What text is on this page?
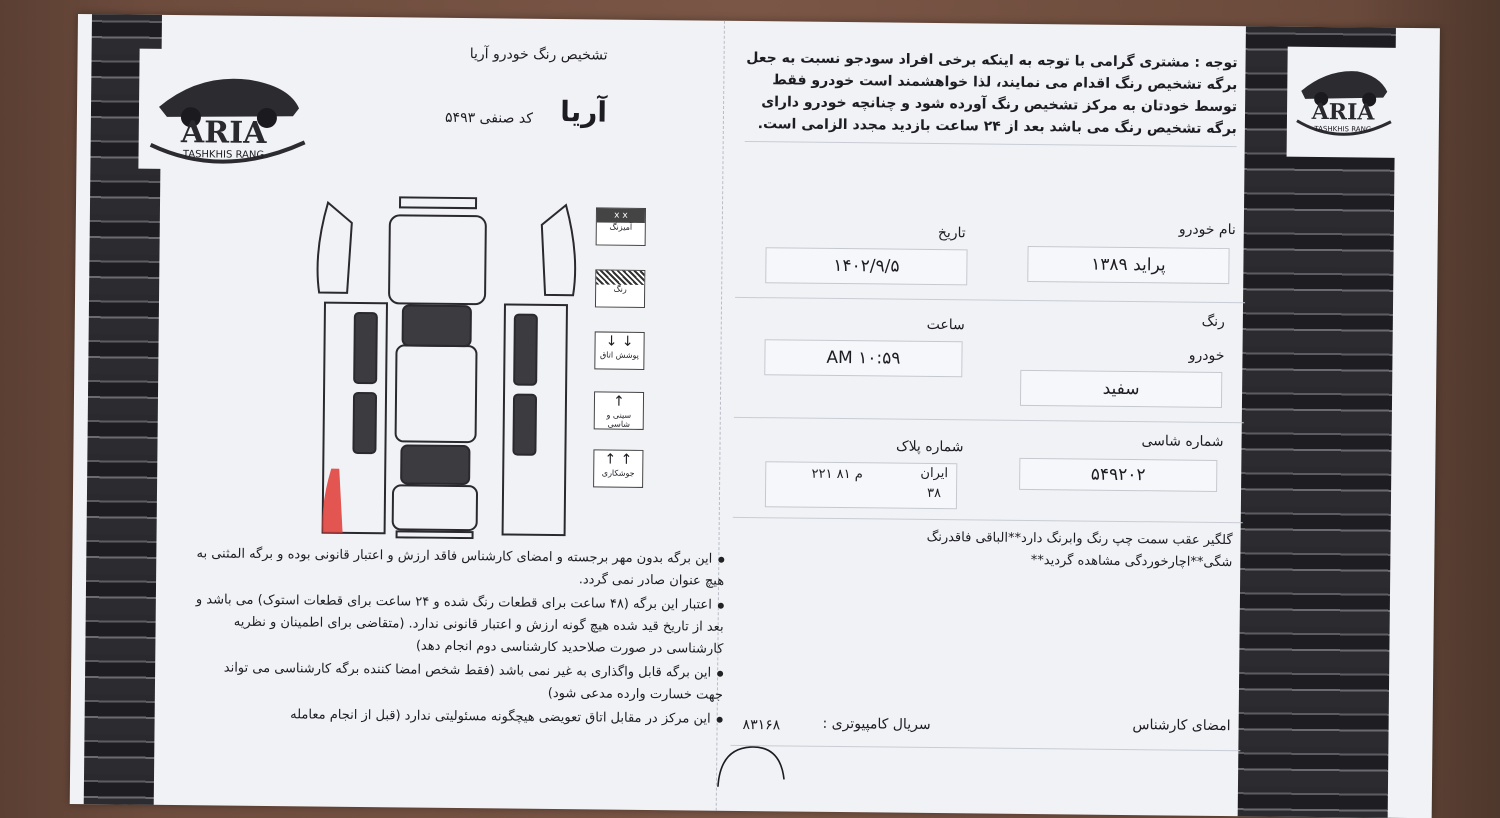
ARIA
TASHKHIS RANG
ARIA
TASHKHIS RANG
تشخیص رنگ خودرو آریا
آریا
کد صنفی ۵۴۹۳
x x
آمیزنگ
رنگ
↓ ↓
پوشش اتاق
↑
سینی و شاسی
↑ ↑
جوشکاری

این برگه بدون مهر برجسته و امضای کارشناس فاقد ارزش و اعتبار قانونی بوده و برگه المثنی به هیچ عنوان صادر نمی گردد.

اعتبار این برگه (۴۸ ساعت برای قطعات رنگ شده و ۲۴ ساعت برای قطعات استوک) می باشد و بعد از تاریخ قید شده هیچ گونه ارزش و اعتبار قانونی ندارد. (متقاضی برای اطمینان و نظریه کارشناسی در صورت صلاحدید کارشناسی دوم انجام دهد)

این برگه قابل واگذاری به غیر نمی باشد (فقط شخص امضا کننده برگه کارشناسی می تواند جهت خسارت وارده مدعی شود)

این مرکز در مقابل اتاق تعویضی هیچگونه مسئولیتی ندارد (قبل از انجام معامله

توجه : مشتری گرامی با توجه به اینکه برخی افراد سودجو نسبت به جعل برگه تشخیص رنگ اقدام می نمایند، لذا خواهشمند است خودرو فقط توسط خودتان به مرکز تشخیص رنگ آورده شود و چنانچه خودرو دارای برگه تشخیص رنگ می باشد بعد از ۲۴ ساعت بازدید مجدد الزامی است.
نام خودرو
پراید ۱۳۸۹
تاریخ
۱۴۰۲/۹/۵
رنگ
ساعت
AM ۱۰:۵۹	خودرو
سفید
شماره شاسی
۵۴۹۲۰۲
شماره پلاک
ایران
۳۸
۲۲۱ م ۸۱
گلگیر عقب سمت چپ رنگ وابرنگ دارد**الباقی فاقدرنگ شگی**اچارخوردگی مشاهده گردید**
امضای کارشناس
سریال کامپیوتری :
۸۳۱۶۸
